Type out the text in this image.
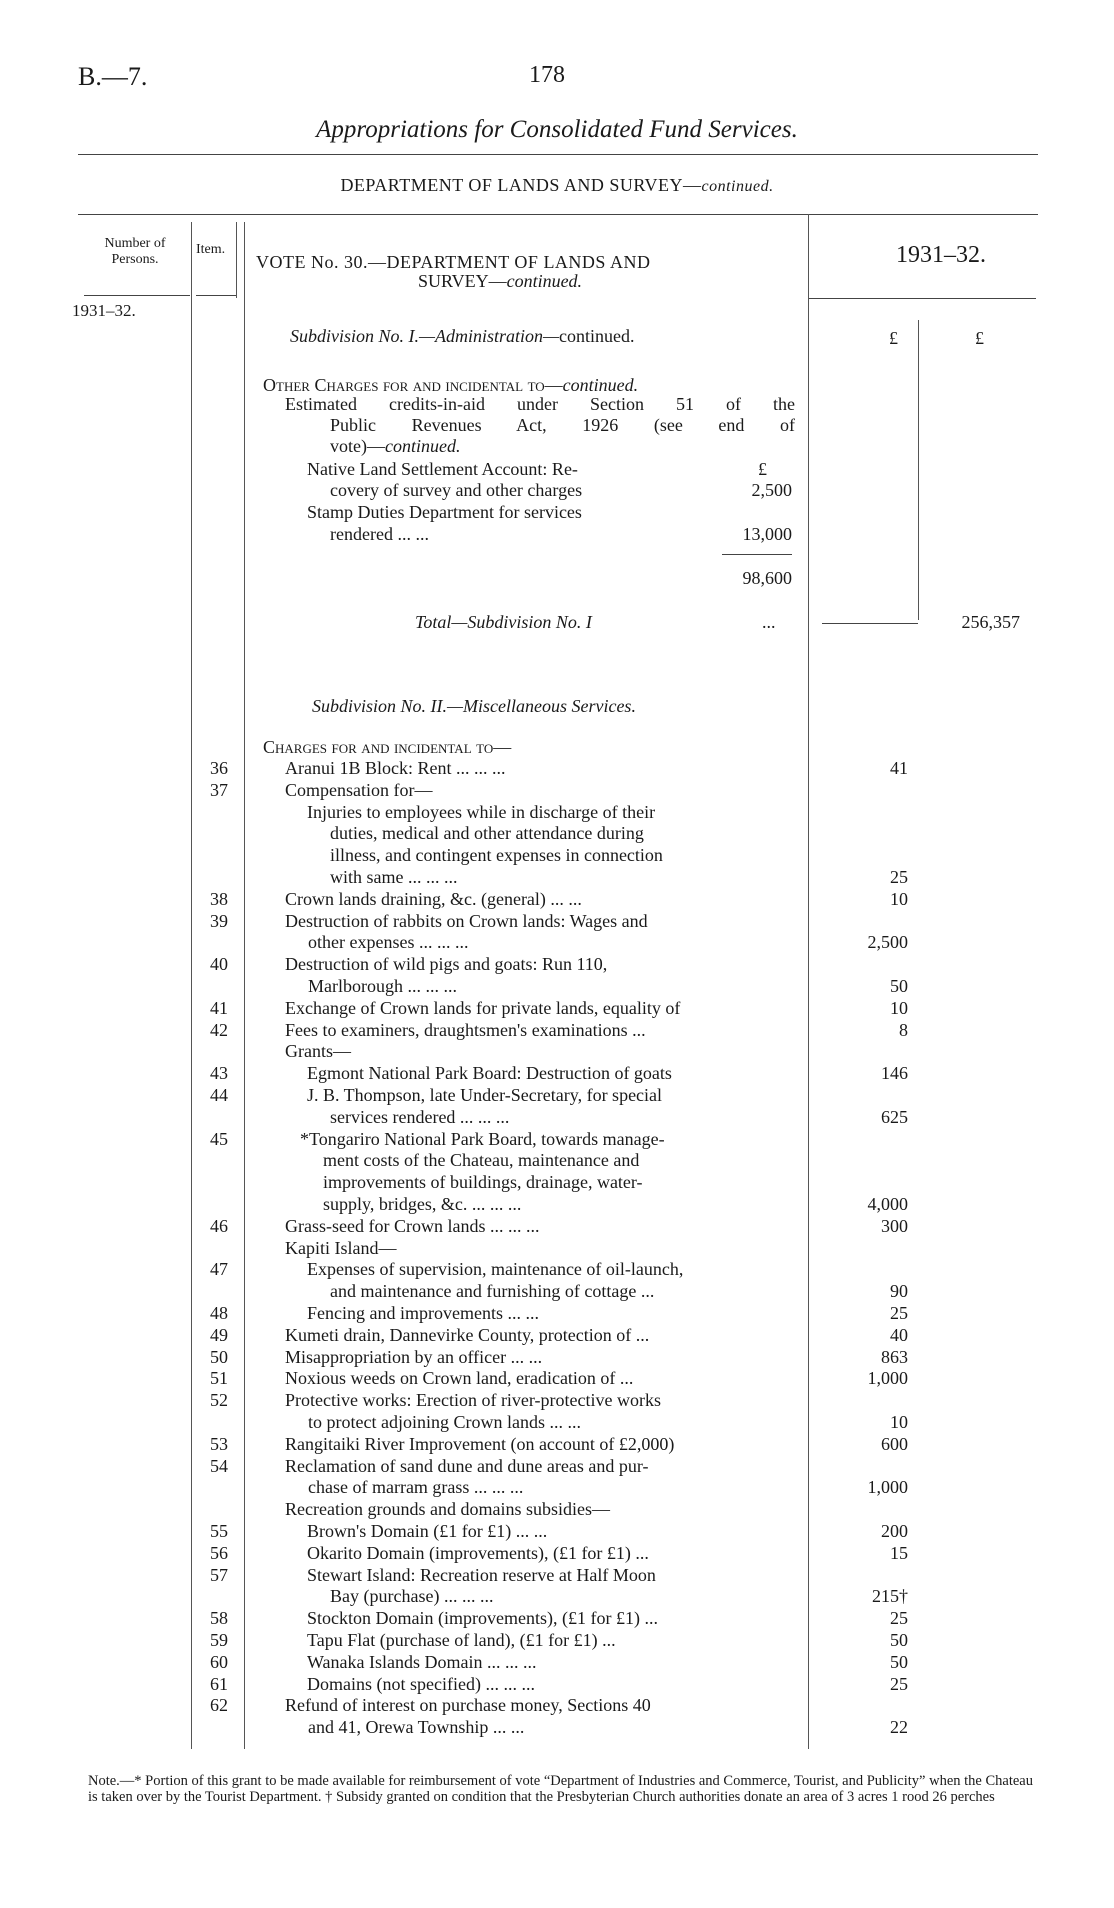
B.—7.	178
Appropriations for Consolidated Fund Services.
DEPARTMENT OF LANDS AND SURVEY—continued.
Number of Persons.
Item.
1931–32.
VOTE No. 30.—DEPARTMENT OF LANDS AND
SURVEY—continued.
1931–32.
£	£
Subdivision No. I.—Administration—continued.
Other Charges for and incidental to—continued.
Estimated credits-in-aid under Section 51 of the
Public Revenues Act, 1926 (see end of
vote)—continued.
Native Land Settlement Account: Re-	£
covery of survey and other charges	2,500
Stamp Duties Department for services
rendered ... ...	13,000
98,600
Total—Subdivision No. I	...	256,357
Subdivision No. II.—Miscellaneous Services.
Charges for and incidental to—
36	Aranui 1B Block: Rent ... ... ...	41
37	Compensation for—
Injuries to employees while in discharge of their
duties, medical and other attendance during
illness, and contingent expenses in connection
with same ... ... ...	25
38	Crown lands draining, &c. (general) ... ...	10
39	Destruction of rabbits on Crown lands: Wages and
other expenses ... ... ...	2,500
40	Destruction of wild pigs and goats: Run 110,
Marlborough ... ... ...	50
41	Exchange of Crown lands for private lands, equality of	10
42	Fees to examiners, draughtsmen's examinations ...	8
Grants—
43	Egmont National Park Board: Destruction of goats	146
44	J. B. Thompson, late Under-Secretary, for special
services rendered ... ... ...	625
45	*Tongariro National Park Board, towards manage-
ment costs of the Chateau, maintenance and
improvements of buildings, drainage, water-
supply, bridges, &c. ... ... ...	4,000
46	Grass-seed for Crown lands ... ... ...	300
Kapiti Island—
47	Expenses of supervision, maintenance of oil-launch,
and maintenance and furnishing of cottage ...	90
48	Fencing and improvements ... ...	25
49	Kumeti drain, Dannevirke County, protection of ...	40
50	Misappropriation by an officer ... ...	863
51	Noxious weeds on Crown land, eradication of ...	1,000
52	Protective works: Erection of river-protective works
to protect adjoining Crown lands ... ...	10
53	Rangitaiki River Improvement (on account of £2,000)	600
54	Reclamation of sand dune and dune areas and pur-
chase of marram grass ... ... ...	1,000
Recreation grounds and domains subsidies—
55	Brown's Domain (£1 for £1) ... ...	200
56	Okarito Domain (improvements), (£1 for £1) ...	15
57	Stewart Island: Recreation reserve at Half Moon
Bay (purchase) ... ... ...	215†
58	Stockton Domain (improvements), (£1 for £1) ...	25
59	Tapu Flat (purchase of land), (£1 for £1) ...	50
60	Wanaka Islands Domain ... ... ...	50
61	Domains (not specified) ... ... ...	25
62	Refund of interest on purchase money, Sections 40
and 41, Orewa Township ... ...	22
Note.—* Portion of this grant to be made available for reimbursement of vote “Department of Industries and Commerce, Tourist, and Publicity” when the Chateau is taken over by the Tourist Department. † Subsidy granted on condition that the Presbyterian Church authorities donate an area of 3 acres 1 rood 26 perches
